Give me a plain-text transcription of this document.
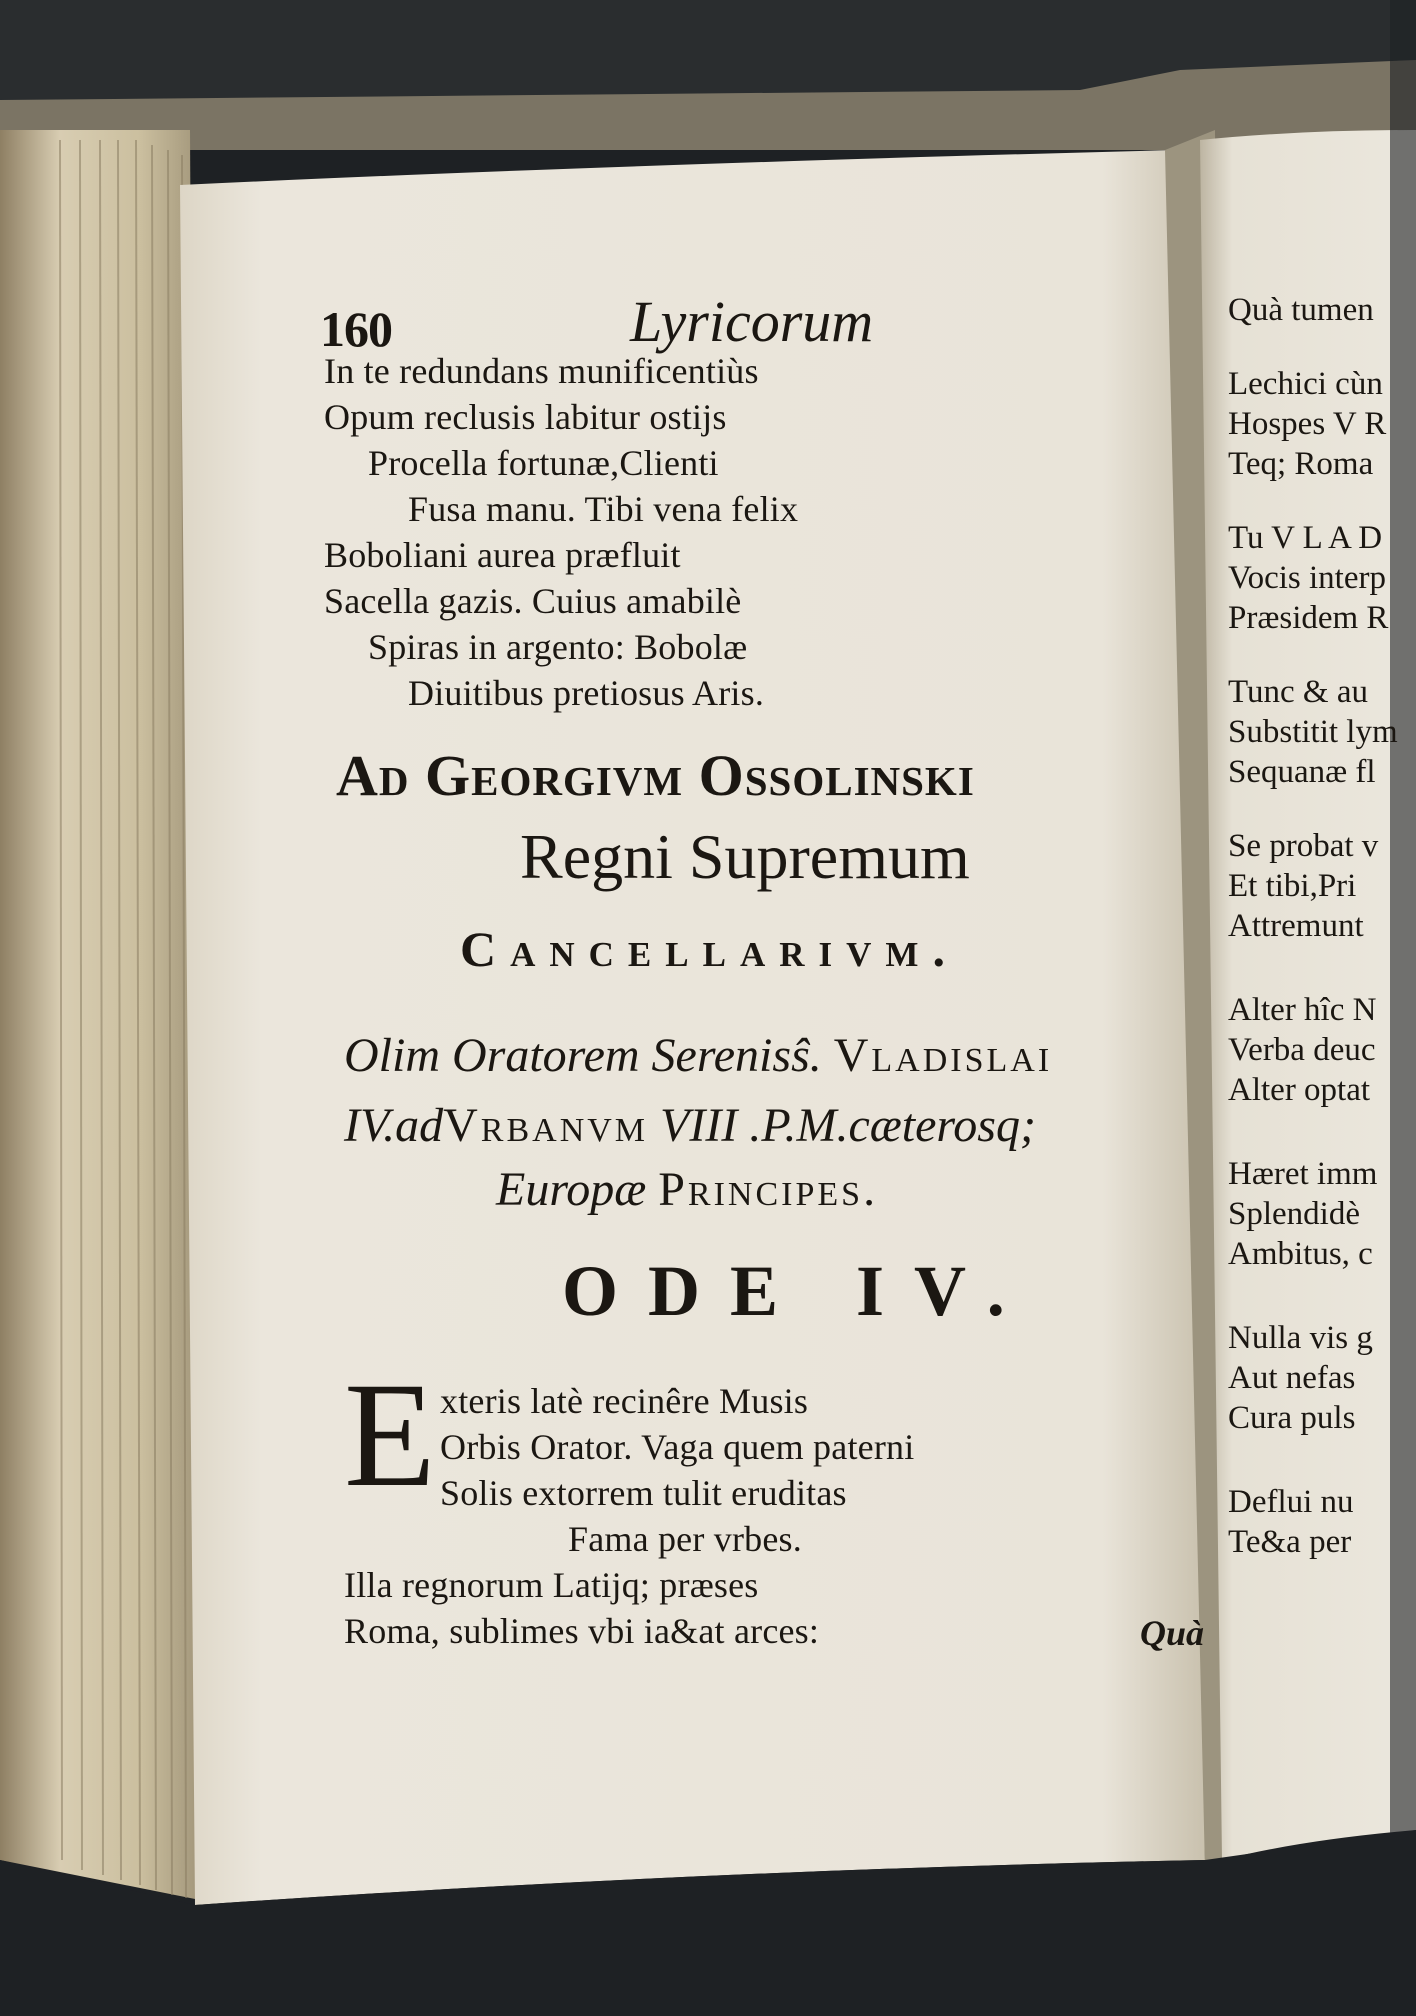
160	Lyricorum
In te redundans munificentiùs
Opum reclusis labitur ostijs
Procella fortunæ,Clienti
Fusa manu. Tibi vena felix
Boboliani aurea præfluit
Sacella gazis. Cuius amabilè
Spiras in argento: Bobolæ
Diuitibus pretiosus Aris.
Ad Georgivm Ossolinski
Regni Supremum
Cancellarivm.
Olim Oratorem Serenisŝ. Vladislai
IV.adVrbanvm VIII .P.M.cæterosq;
Europæ Principes.
ODE IV.
E xteris latè recinêre Musis
Orbis Orator. Vaga quem paterni
Solis extorrem tulit eruditas
Fama per vrbes.
Illa regnorum Latijq; præses
Roma, sublimes vbi ia&at arces:	Quà
Quà tumen
Lechici cùn
Hospes V R
Teq; Roma
Tu V L A D
Vocis interp
Præsidem R
Tunc & au
Substitit lym
Sequanæ fl
Se probat v
Et tibi,Pri
Attremunt
Alter hîc N
Verba deuc
Alter optat
Hæret imm
Splendidè
Ambitus, c
Nulla vis g
Aut nefas
Cura puls
Deflui nu
Te&a per
